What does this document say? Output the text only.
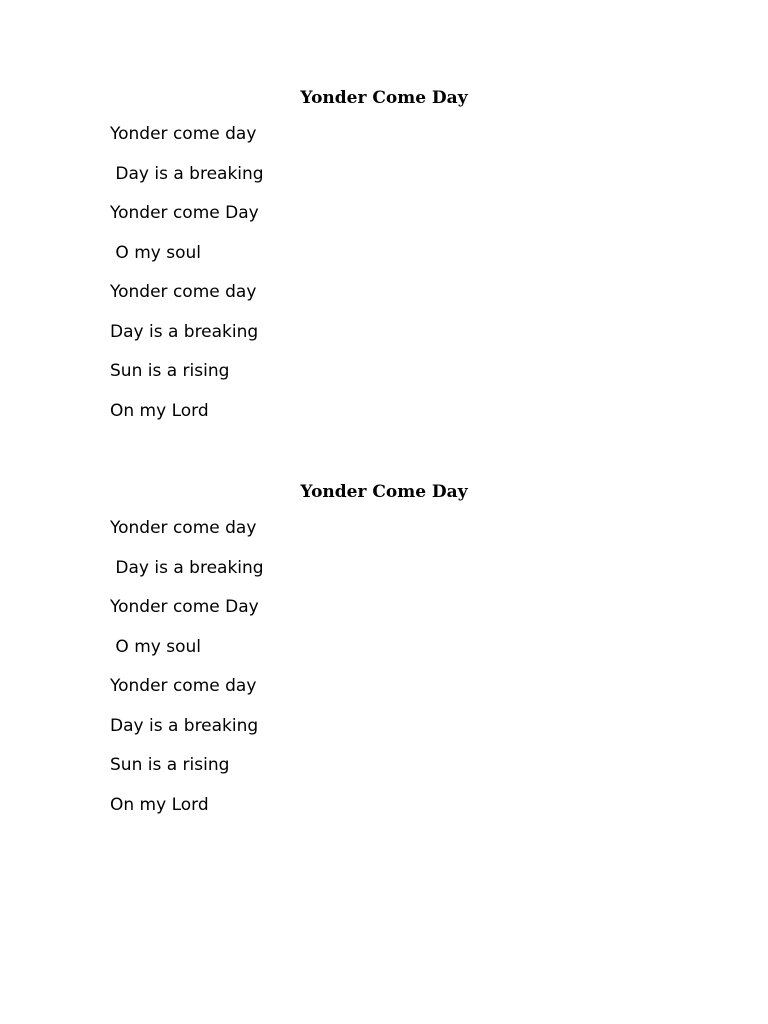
Yonder Come Day
Yonder come day
Day is a breaking
Yonder come Day
O my soul
Yonder come day
Day is a breaking
Sun is a rising
On my Lord
Yonder Come Day
Yonder come day
Day is a breaking
Yonder come Day
O my soul
Yonder come day
Day is a breaking
Sun is a rising
On my Lord
